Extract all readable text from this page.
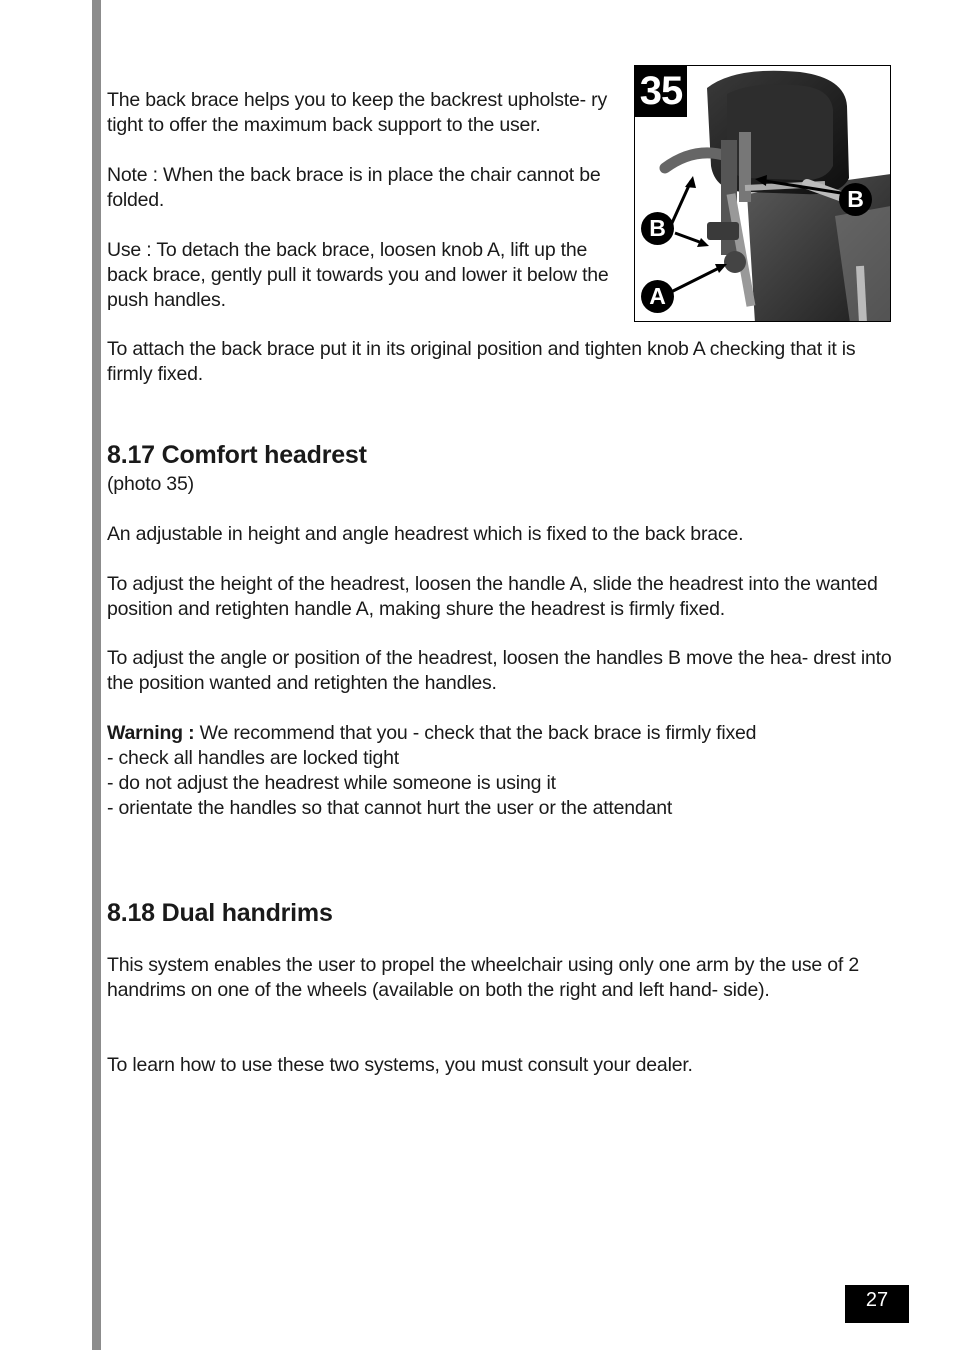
The back brace helps you to keep the backrest upholste- ry tight to offer the maximum back support to the user.

Note : When the back brace is in place the chair cannot be folded.

Use : To detach the back brace, loosen knob A, lift up the back brace, gently pull it towards you and lower it below the push handles.

To attach the back brace put it in its original position and tighten knob A checking that it is firmly fixed.

35
B
B
A
8.17 Comfort headrest

(photo 35)

An adjustable in height and angle headrest which is fixed to the back brace.

To adjust the height of the headrest, loosen the handle A, slide the headrest into the wanted position and retighten handle A, making shure the headrest is firmly fixed.

To adjust the angle or position of the headrest, loosen the handles B move the hea- drest into the position wanted and retighten the handles.

Warning : We recommend that you - check that the back brace is firmly fixed

- check all handles are locked tight
- do not adjust the headrest while someone is using it
- orientate the handles so that cannot hurt the user or the attendant
8.18 Dual handrims

This system enables the user to propel the wheelchair using only one arm by the use of 2 handrims on one of the wheels (available on both the right and left hand- side).

To learn how to use these two systems, you must consult your dealer.

27
